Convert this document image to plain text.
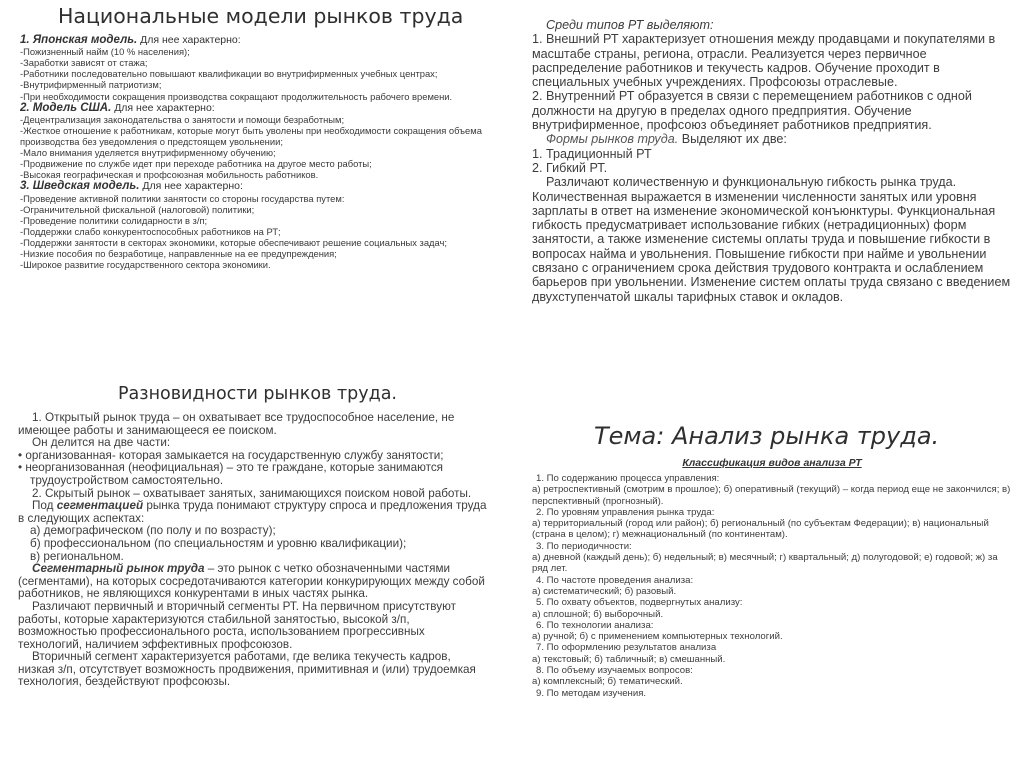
Национальные модели рынков труда
1. Японская модель. Для нее характерно:
-Пожизненный найм (10 % населения);
-Заработки зависят от стажа;
-Работники последовательно повышают квалификации во внутрифирменных учебных центрах;
-Внутрифирменный патриотизм;
-При необходимости сокращения производства сокращают продолжительность рабочего времени.
2. Модель США. Для нее характерно:
-Децентрализация законодательства о занятости и помощи безработным;
-Жесткое отношение к работникам, которые могут быть уволены при необходимости сокращения объема производства без уведомления о предстоящем увольнении;
-Мало внимания уделяется внутрифирменному обучению;
-Продвижение по службе идет при переходе работника на другое место работы;
-Высокая географическая и профсоюзная мобильность работников.
3. Шведская модель. Для нее характерно:
-Проведение активной политики занятости со стороны государства путем:
-Ограничительной фискальной (налоговой) политики;
-Проведение политики солидарности в з/п;
-Поддержки слабо конкурентоспособных работников на РТ;
-Поддержки занятости в секторах экономики, которые обеспечивают решение социальных задач;
-Низкие пособия по безработице, направленные на ее предупреждения;
-Широкое развитие государственного сектора экономики.

Среди типов РТ выделяют:

1. Внешний РТ характеризует отношения между продавцами и покупателями в масштабе страны, региона, отрасли. Реализуется через первичное распределение работников и текучесть кадров. Обучение проходит в специальных учебных учреждениях. Профсоюзы отраслевые.

2. Внутренний РТ образуется в связи с перемещением работников с одной должности на другую в пределах одного предприятия. Обучение внутрифирменное, профсоюз объединяет работников предприятия.

Формы рынков труда. Выделяют их две:

1. Традиционный РТ

2. Гибкий РТ.

Различают количественную и функциональную гибкость рынка труда. Количественная выражается в изменении численности занятых или уровня зарплаты в ответ на изменение экономической конъюнктуры. Функциональная гибкость предусматривает использование гибких (нетрадиционных) форм занятости, а также изменение системы оплаты труда и повышение гибкости в вопросах найма и увольнения. Повышение гибкости при найме и увольнении связано с ограничением срока действия трудового контракта и ослаблением барьеров при увольнении. Изменение систем оплаты труда связано с введением двухступенчатой шкалы тарифных ставок и окладов.

Разновидности рынков труда.

1. Открытый рынок труда – он охватывает все трудоспособное население, не имеющее работы и занимающееся ее поиском.

Он делится на две части:

• организованная- которая замыкается на государственную службу занятости;

• неорганизованная (неофициальная) – это те граждане, которые занимаются трудоустройством самостоятельно.

2. Скрытый рынок – охватывает занятых, занимающихся поиском новой работы.

Под сегментацией рынка труда понимают структуру спроса и предложения труда в следующих аспектах:

а) демографическом (по полу и по возрасту);

б) профессиональном (по специальностям и уровню квалификации);

в) региональном.

Сегментарный рынок труда – это рынок с четко обозначенными частями (сегментами), на которых сосредотачиваются категории конкурирующих между собой работников, не являющихся конкурентами в иных частях рынка.

Различают первичный и вторичный сегменты РТ. На первичном присутствуют работы, которые характеризуются стабильной занятостью, высокой з/п, возможностью профессионального роста, использованием прогрессивных технологий, наличием эффективных профсоюзов.

Вторичный сегмент характеризуется работами, где велика текучесть кадров, низкая з/п, отсутствует возможность продвижения, примитивная и (или) трудоемкая технология, бездействуют профсоюзы.

Тема: Анализ рынка труда.
Классификация видов анализа РТ

1. По содержанию процесса управления:

а) ретроспективный (смотрим в прошлое); б) оперативный (текущий) – когда период еще не закончился; в) перспективный (прогнозный).

2. По уровням управления рынка труда:

а) территориальный (город или район); б) региональный (по субъектам Федерации); в) национальный (страна в целом); г) межнациональный (по континентам).

3. По периодичности:

а) дневной (каждый день); б) недельный; в) месячный; г) квартальный; д) полугодовой; е) годовой; ж) за ряд лет.

4. По частоте проведения анализа:

а) систематический; б) разовый.

5. По охвату объектов, подвергнутых анализу:

а) сплошной; б) выборочный.

6. По технологии анализа:

а) ручной; б) с применением компьютерных технологий.

7. По оформлению результатов анализа

а) текстовый; б) табличный; в) смешанный.

8. По объему изучаемых вопросов:

а) комплексный; б) тематический.

9. По методам изучения.
